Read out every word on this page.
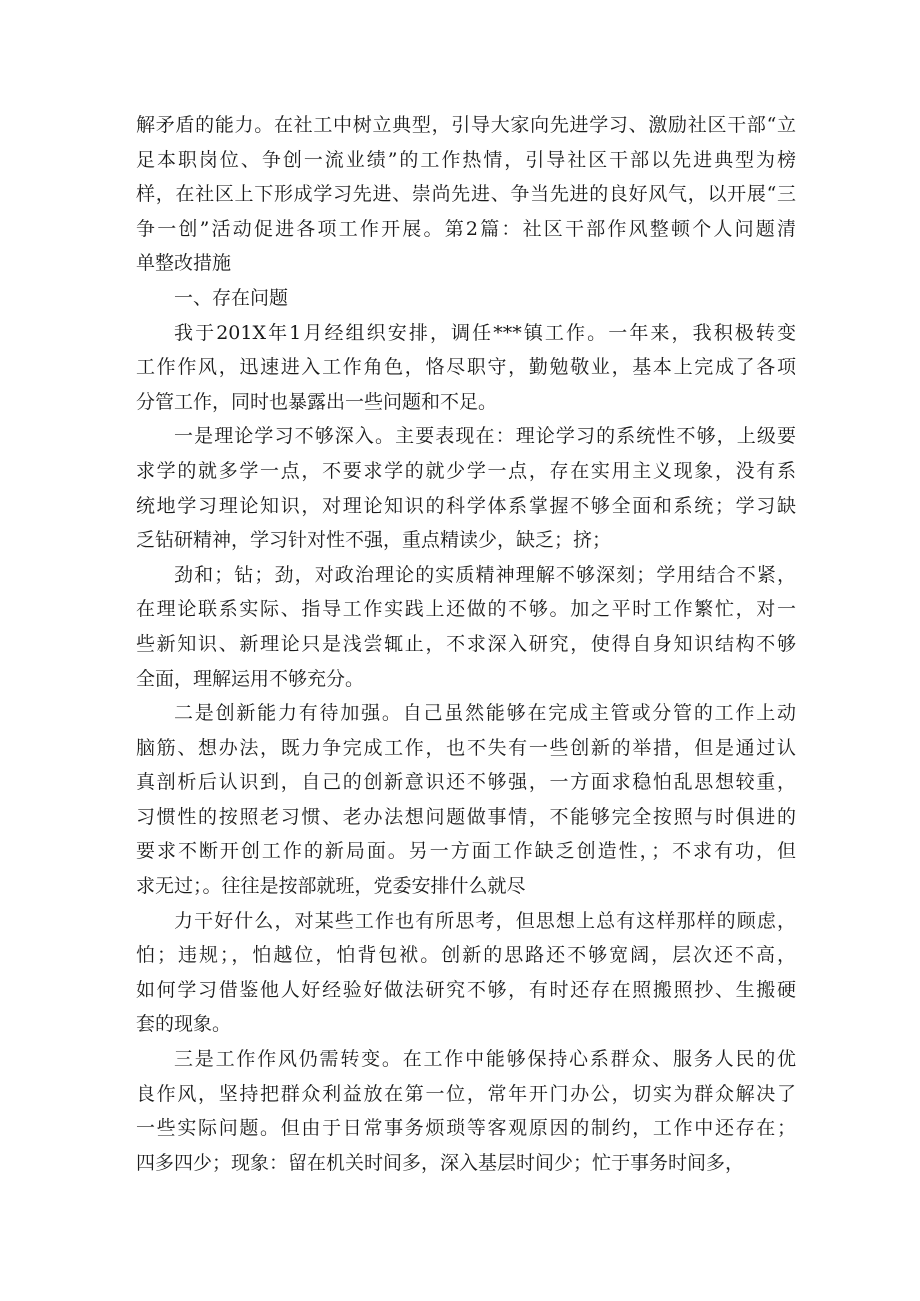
解矛盾的能力。在社工中树立典型，引导大家向先进学习、激励社区干部“立
足本职岗位、争创一流业绩”的工作热情，引导社区干部以先进典型为榜
样，在社区上下形成学习先进、崇尚先进、争当先进的良好风气，以开展“三
争一创”活动促进各项工作开展。第2篇：社区干部作风整顿个人问题清
单整改措施
一、存在问题
我于201X年1月经组织安排，调任***镇工作。一年来，我积极转变
工作作风，迅速进入工作角色，恪尽职守，勤勉敬业，基本上完成了各项
分管工作，同时也暴露出一些问题和不足。
一是理论学习不够深入。主要表现在：理论学习的系统性不够，上级要
求学的就多学一点，不要求学的就少学一点，存在实用主义现象，没有系
统地学习理论知识，对理论知识的科学体系掌握不够全面和系统；学习缺
乏钻研精神，学习针对性不强，重点精读少，缺乏；挤；
劲和；钻；劲，对政治理论的实质精神理解不够深刻；学用结合不紧，
在理论联系实际、指导工作实践上还做的不够。加之平时工作繁忙，对一
些新知识、新理论只是浅尝辄止，不求深入研究，使得自身知识结构不够
全面，理解运用不够充分。
二是创新能力有待加强。自己虽然能够在完成主管或分管的工作上动
脑筋、想办法，既力争完成工作，也不失有一些创新的举措，但是通过认
真剖析后认识到，自己的创新意识还不够强，一方面求稳怕乱思想较重，
习惯性的按照老习惯、老办法想问题做事情，不能够完全按照与时俱进的
要求不断开创工作的新局面。另一方面工作缺乏创造性，；不求有功，但
求无过；。往往是按部就班，党委安排什么就尽
力干好什么，对某些工作也有所思考，但思想上总有这样那样的顾虑，
怕；违规；，怕越位，怕背包袱。创新的思路还不够宽阔，层次还不高，
如何学习借鉴他人好经验好做法研究不够，有时还存在照搬照抄、生搬硬
套的现象。
三是工作作风仍需转变。在工作中能够保持心系群众、服务人民的优
良作风，坚持把群众利益放在第一位，常年开门办公，切实为群众解决了
一些实际问题。但由于日常事务烦琐等客观原因的制约，工作中还存在；
四多四少；现象：留在机关时间多，深入基层时间少；忙于事务时间多，
